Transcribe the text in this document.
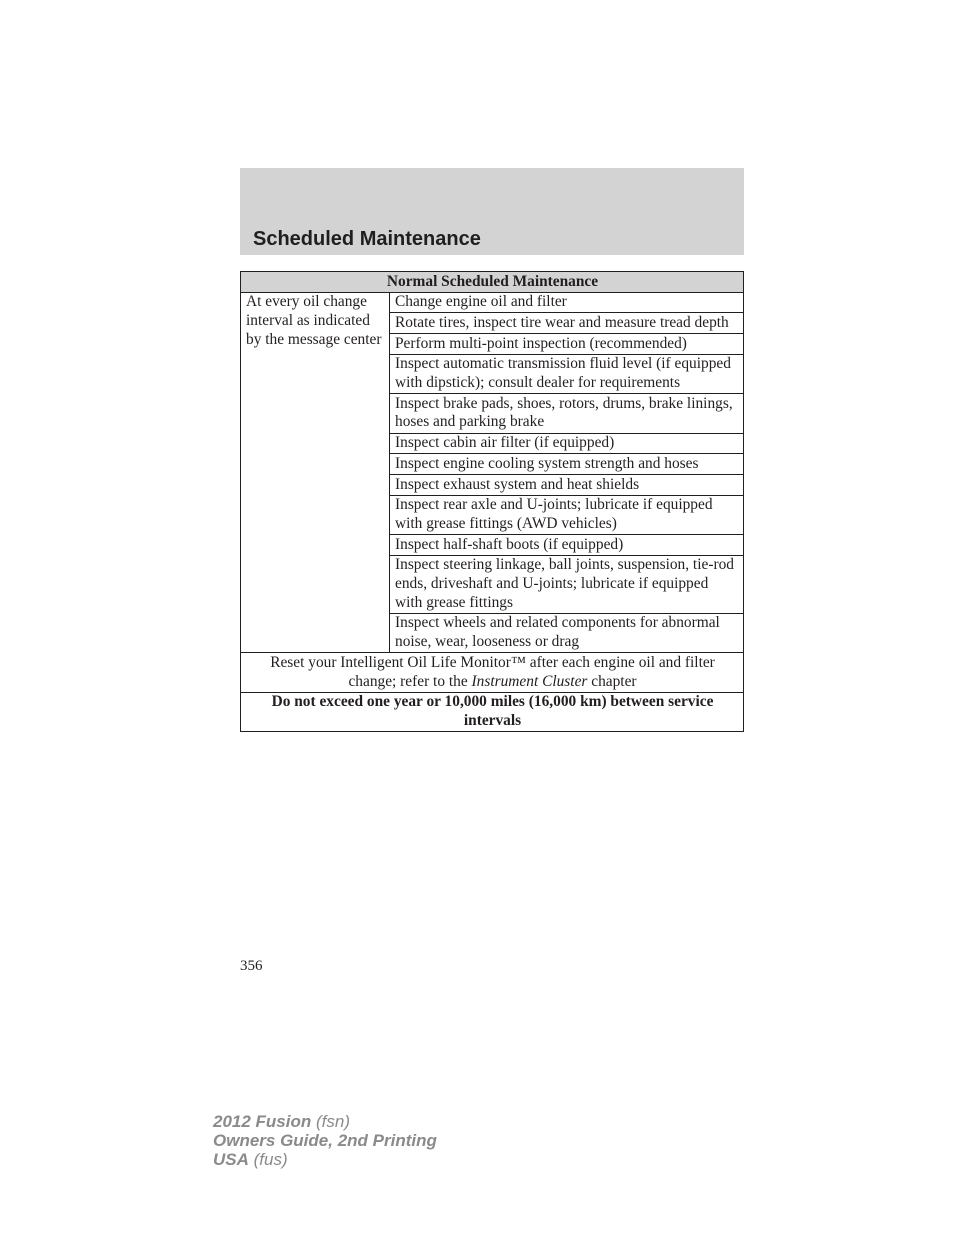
Scheduled Maintenance
Normal Scheduled Maintenance
At every oil change interval as indicated by the message center	Change engine oil and filter
Rotate tires, inspect tire wear and measure tread depth
Perform multi-point inspection (recommended)
Inspect automatic transmission fluid level (if equipped with dipstick); consult dealer for requirements
Inspect brake pads, shoes, rotors, drums, brake linings, hoses and parking brake
Inspect cabin air filter (if equipped)
Inspect engine cooling system strength and hoses
Inspect exhaust system and heat shields
Inspect rear axle and U-joints; lubricate if equipped with grease fittings (AWD vehicles)
Inspect half-shaft boots (if equipped)
Inspect steering linkage, ball joints, suspension, tie-rod ends, driveshaft and U-joints; lubricate if equipped with grease fittings
Inspect wheels and related components for abnormal noise, wear, looseness or drag
Reset your Intelligent Oil Life Monitor™ after each engine oil and filter change; refer to the Instrument Cluster chapter
Do not exceed one year or 10,000 miles (16,000 km) between service intervals
356
2012 Fusion (fsn)
Owners Guide, 2nd Printing
USA (fus)
